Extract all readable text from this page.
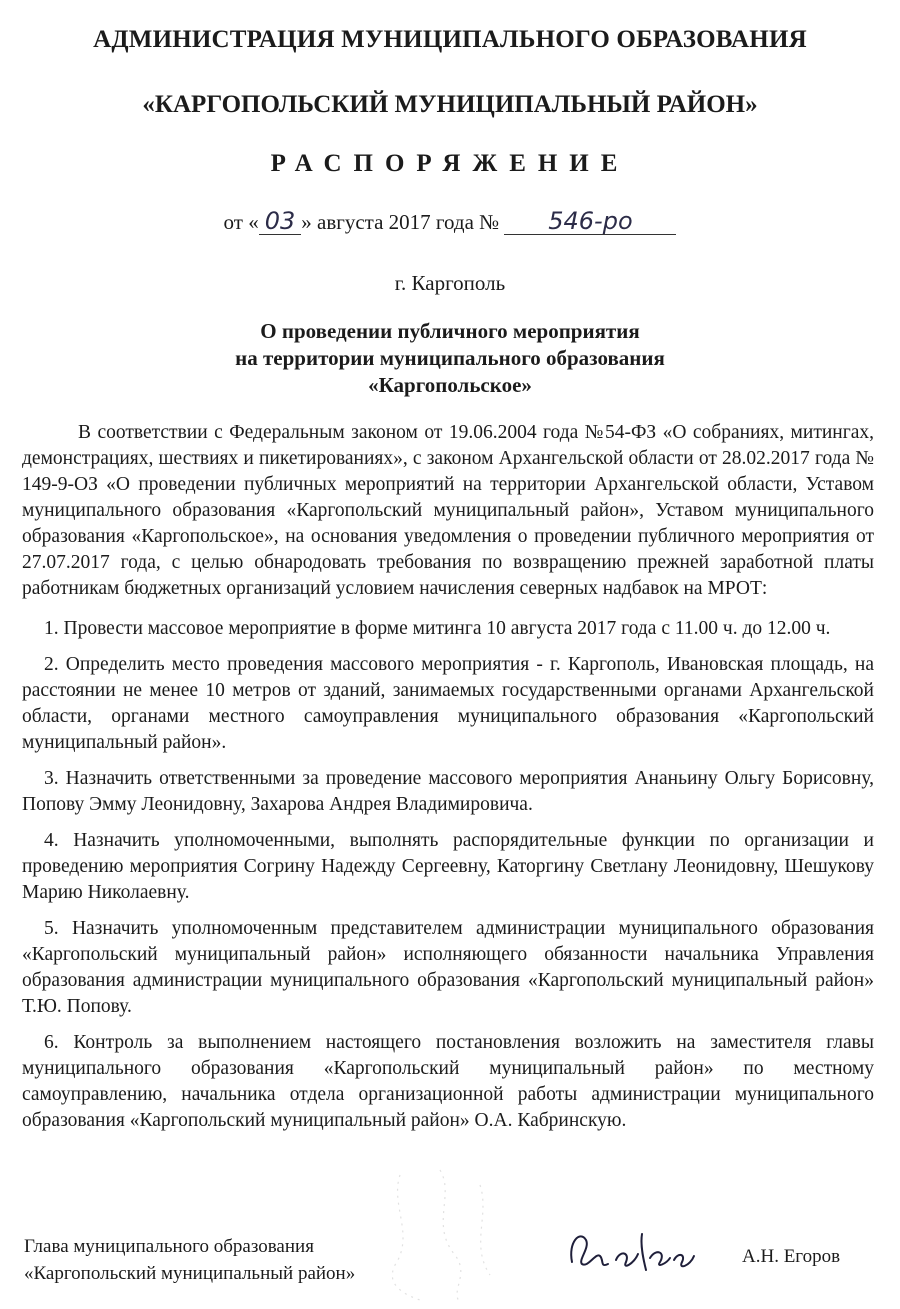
АДМИНИСТРАЦИЯ МУНИЦИПАЛЬНОГО ОБРАЗОВАНИЯ
«КАРГОПОЛЬСКИЙ МУНИЦИПАЛЬНЫЙ РАЙОН»
РАСПОРЯЖЕНИЕ
от « 03 » августа 2017 года № 546-ро
г. Каргополь
О проведении публичного мероприятия
на территории муниципального образования
«Каргопольское»

В соответствии с Федеральным законом от 19.06.2004 года №54-ФЗ «О собраниях, митингах, демонстрациях, шествиях и пикетированиях», с законом Архангельской области от 28.02.2017 года № 149-9-ОЗ «О проведении публичных мероприятий на территории Архангельской области, Уставом муниципального образования «Каргопольский муниципальный район», Уставом муниципального образования «Каргопольское», на основания уведомления о проведении публичного мероприятия от 27.07.2017 года, с целью обнародовать требования по возвращению прежней заработной платы работникам бюджетных организаций условием начисления северных надбавок на МРОТ:

1. Провести массовое мероприятие в форме митинга 10 августа 2017 года с 11.00 ч. до 12.00 ч.

2. Определить место проведения массового мероприятия - г. Каргополь, Ивановская площадь, на расстоянии не менее 10 метров от зданий, занимаемых государственными органами Архангельской области, органами местного самоуправления муниципального образования «Каргопольский муниципальный район».

3. Назначить ответственными за проведение массового мероприятия Ананьину Ольгу Борисовну, Попову Эмму Леонидовну, Захарова Андрея Владимировича.

4. Назначить уполномоченными, выполнять распорядительные функции по организации и проведению мероприятия Согрину Надежду Сергеевну, Каторгину Светлану Леонидовну, Шешукову Марию Николаевну.

5. Назначить уполномоченным представителем администрации муниципального образования «Каргопольский муниципальный район» исполняющего обязанности начальника Управления образования администрации муниципального образования «Каргопольский муниципальный район» Т.Ю. Попову.

6. Контроль за выполнением настоящего постановления возложить на заместителя главы муниципального образования «Каргопольский муниципальный район» по местному самоуправлению, начальника отдела организационной работы администрации муниципального образования «Каргопольский муниципальный район» О.А. Кабринскую.

Глава муниципального образования
«Каргопольский муниципальный район»
А.Н. Егоров
